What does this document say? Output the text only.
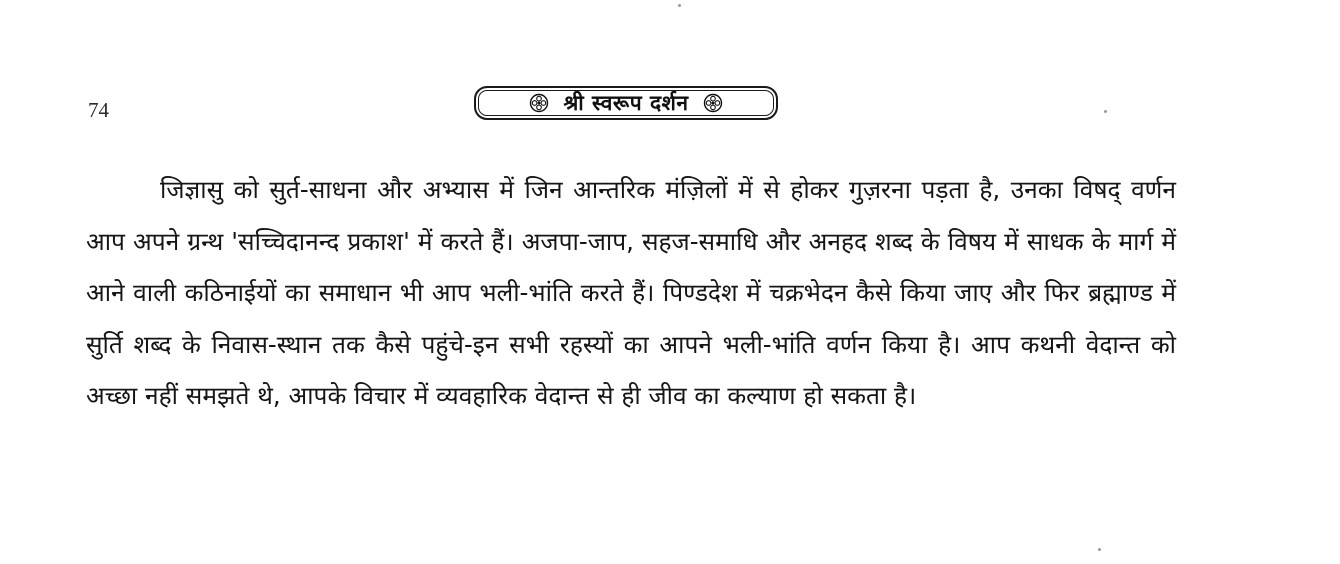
74	श्री स्वरूप दर्शन

जिज्ञासु को सुर्त-साधना और अभ्यास में जिन आन्तरिक मंज़िलों में से होकर गुज़रना पड़ता है, उनका विषद् वर्णन आप अपने ग्रन्थ 'सच्चिदानन्द प्रकाश' में करते हैं। अजपा-जाप, सहज-समाधि और अनहद शब्द के विषय में साधक के मार्ग में आने वाली कठिनाईयों का समाधान भी आप भली-भांति करते हैं। पिण्डदेश में चक्रभेदन कैसे किया जाए और फिर ब्रह्माण्ड में सुर्ति शब्द के निवास-स्थान तक कैसे पहुंचे-इन सभी रहस्यों का आपने भली-भांति वर्णन किया है। आप कथनी वेदान्त को अच्छा नहीं समझते थे, आपके विचार में व्यवहारिक वेदान्त से ही जीव का कल्याण हो सकता है।
